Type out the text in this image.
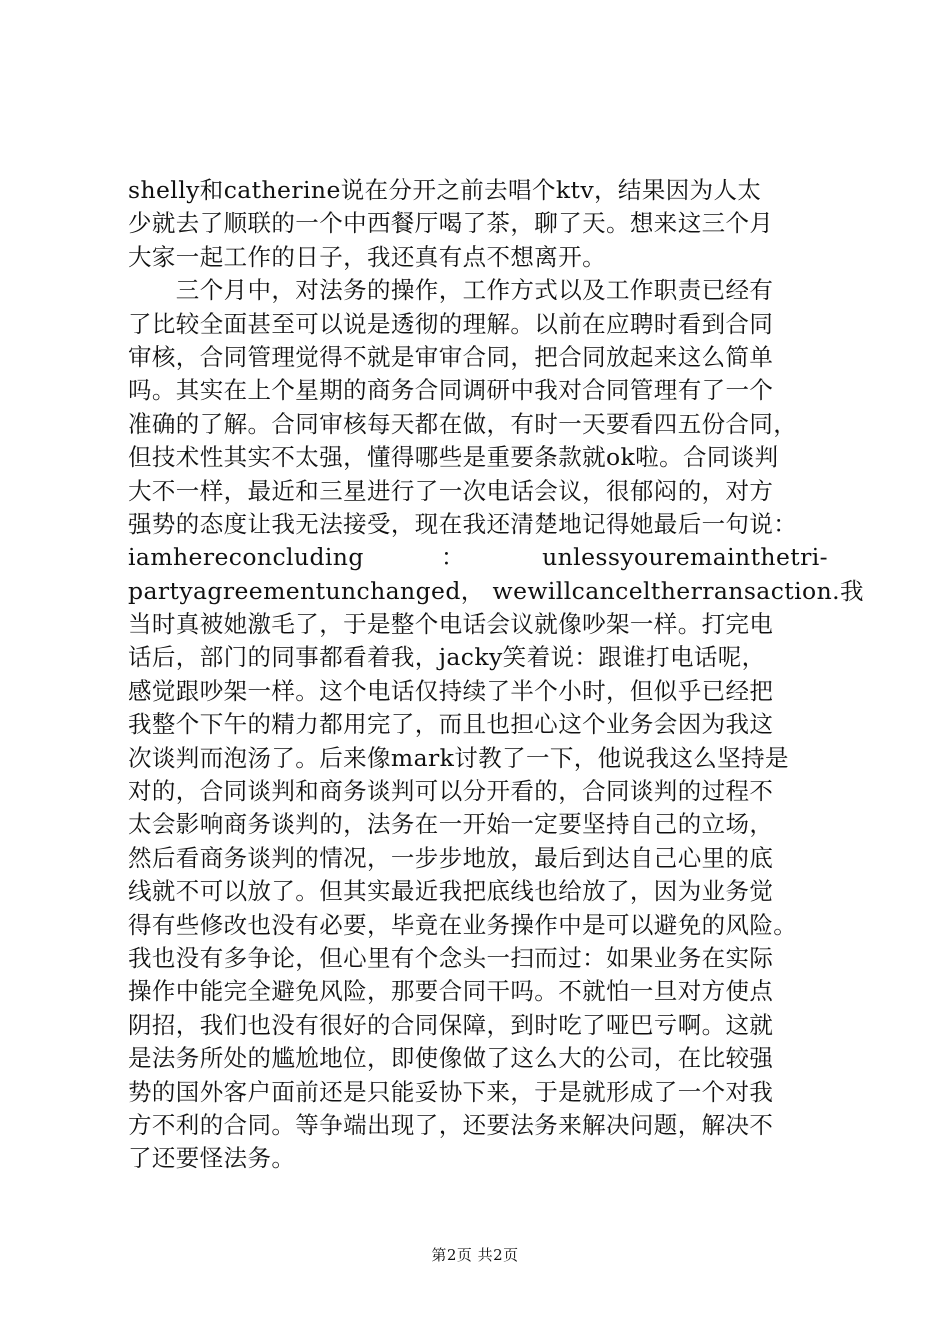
shelly和catherine说在分开之前去唱个ktv，结果因为人太
少就去了顺联的一个中西餐厅喝了茶，聊了天。想来这三个月
大家一起工作的日子，我还真有点不想离开。
　　三个月中，对法务的操作，工作方式以及工作职责已经有
了比较全面甚至可以说是透彻的理解。以前在应聘时看到合同
审核，合同管理觉得不就是审审合同，把合同放起来这么简单
吗。其实在上个星期的商务合同调研中我对合同管理有了一个
准确的了解。合同审核每天都在做，有时一天要看四五份合同，
但技术性其实不太强，懂得哪些是重要条款就ok啦。合同谈判
大不一样，最近和三星进行了一次电话会议，很郁闷的，对方
强势的态度让我无法接受，现在我还清楚地记得她最后一句说：
iamhereconcluding	：	unlessyouremainthetri-
partyagreementunchanged， wewillcanceltherransaction.我
当时真被她激毛了，于是整个电话会议就像吵架一样。打完电
话后，部门的同事都看着我，jacky笑着说：跟谁打电话呢，
感觉跟吵架一样。这个电话仅持续了半个小时，但似乎已经把
我整个下午的精力都用完了，而且也担心这个业务会因为我这
次谈判而泡汤了。后来像mark讨教了一下，他说我这么坚持是
对的，合同谈判和商务谈判可以分开看的，合同谈判的过程不
太会影响商务谈判的，法务在一开始一定要坚持自己的立场，
然后看商务谈判的情况，一步步地放，最后到达自己心里的底
线就不可以放了。但其实最近我把底线也给放了，因为业务觉
得有些修改也没有必要，毕竟在业务操作中是可以避免的风险。
我也没有多争论，但心里有个念头一扫而过：如果业务在实际
操作中能完全避免风险，那要合同干吗。不就怕一旦对方使点
阴招，我们也没有很好的合同保障，到时吃了哑巴亏啊。这就
是法务所处的尴尬地位，即使像做了这么大的公司，在比较强
势的国外客户面前还是只能妥协下来，于是就形成了一个对我
方不利的合同。等争端出现了，还要法务来解决问题，解决不
了还要怪法务。
第2页 共2页
